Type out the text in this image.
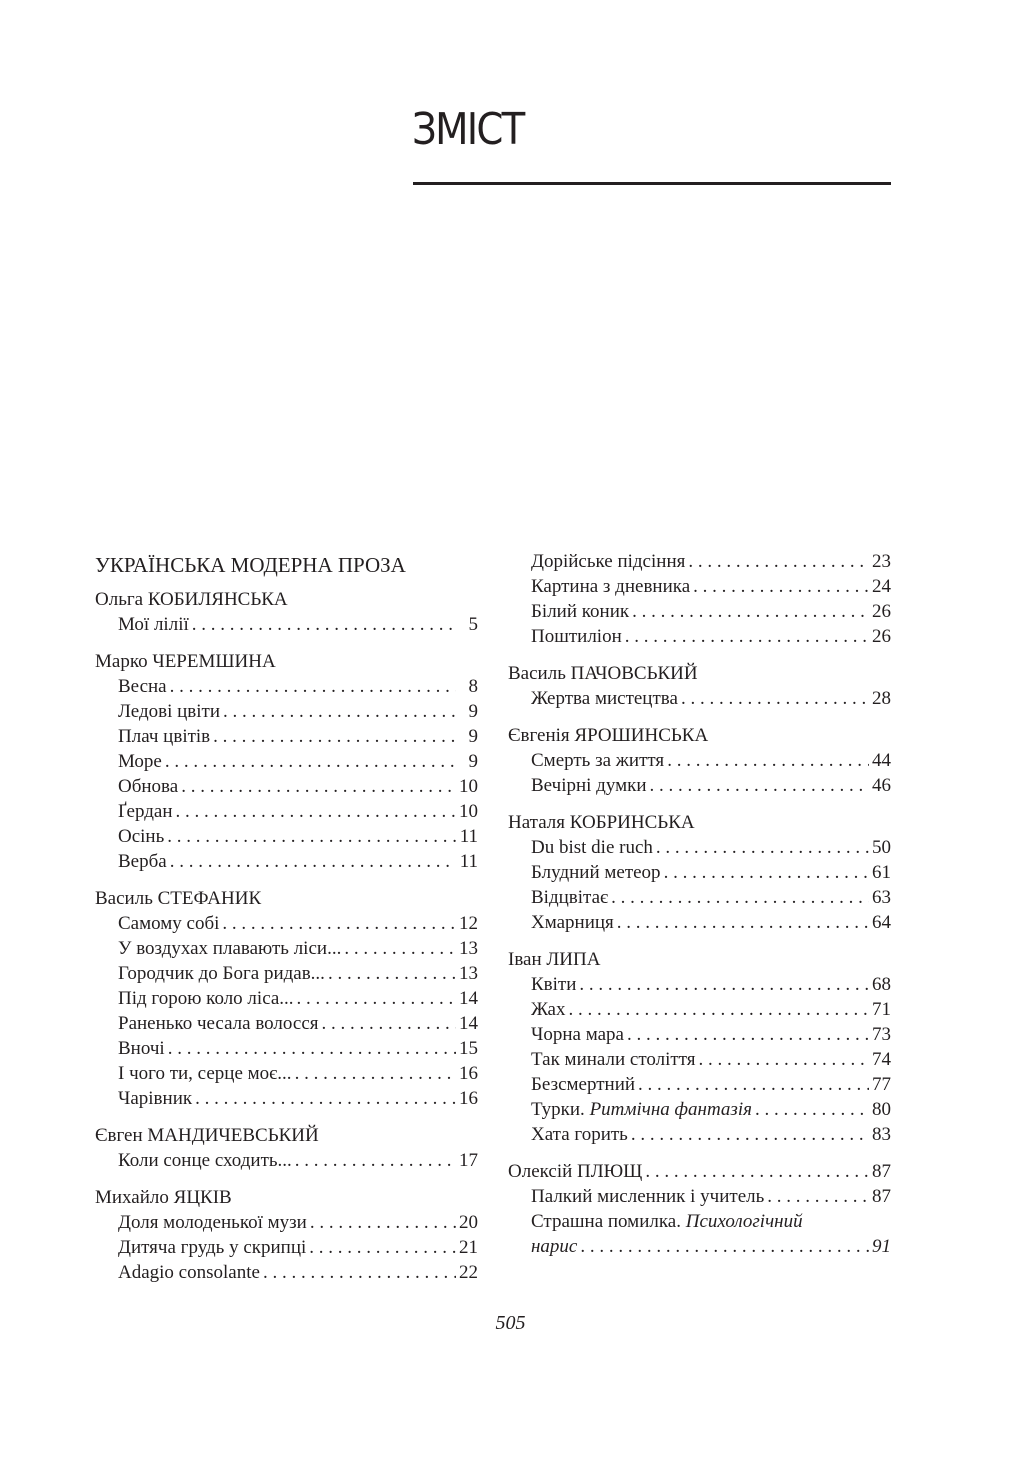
ЗМІСТ
УКРАЇНСЬКА МОДЕРНА ПРОЗА
Ольга КОБИЛЯНСЬКА
Мої лілії . . .	5
Марко ЧЕРЕМШИНА
Весна . . .	8
Ледові цвіти . . .	9
Плач цвітів . . .	9
Море . . .	9
Обнова . . .	10
Ґердан . . .	10
Осінь . . .	11
Верба . . .	11
Василь СТЕФАНИК
Самому собі . . .	12
У воздухах плавають ліси... . . .	13
Городчик до Бога ридав... . . .	13
Під горою коло ліса... . . .	14
Раненько чесала волосся . . .	14
Вночі . . .	15
І чого ти, серце моє... . . .	16
Чарівник . . .	16
Євген МАНДИЧЕВСЬКИЙ
Коли сонце сходить... . . .	17
Михайло ЯЦКІВ
Доля молоденької музи . . .	20
Дитяча грудь у скрипці . . .	21
Adagio consolante . . .	22
Дорійське підсіння . . .	23
Картина з дневника . . .	24
Білий коник . . .	26
Поштиліон . . .	26
Василь ПАЧОВСЬКИЙ
Жертва мистецтва . . .	28
Євгенія ЯРОШИНСЬКА
Смерть за життя . . .	44
Вечірні думки . . .	46
Наталя КОБРИНСЬКА
Du bist die ruch . . .	50
Блудний метеор . . .	61
Відцвітає . . .	63
Хмарниця . . .	64
Іван ЛИПА
Квіти . . .	68
Жах . . .	71
Чорна мара . . .	73
Так минали століття . . .	74
Безсмертний . . .	77
Турки. Ритмічна фантазія . . .	80
Хата горить . . .	83
Олексій ПЛЮЩ . . .	87
Палкий мисленник і учитель . . .	87
Страшна помилка. Психологічний
нарис . . .	91
505
